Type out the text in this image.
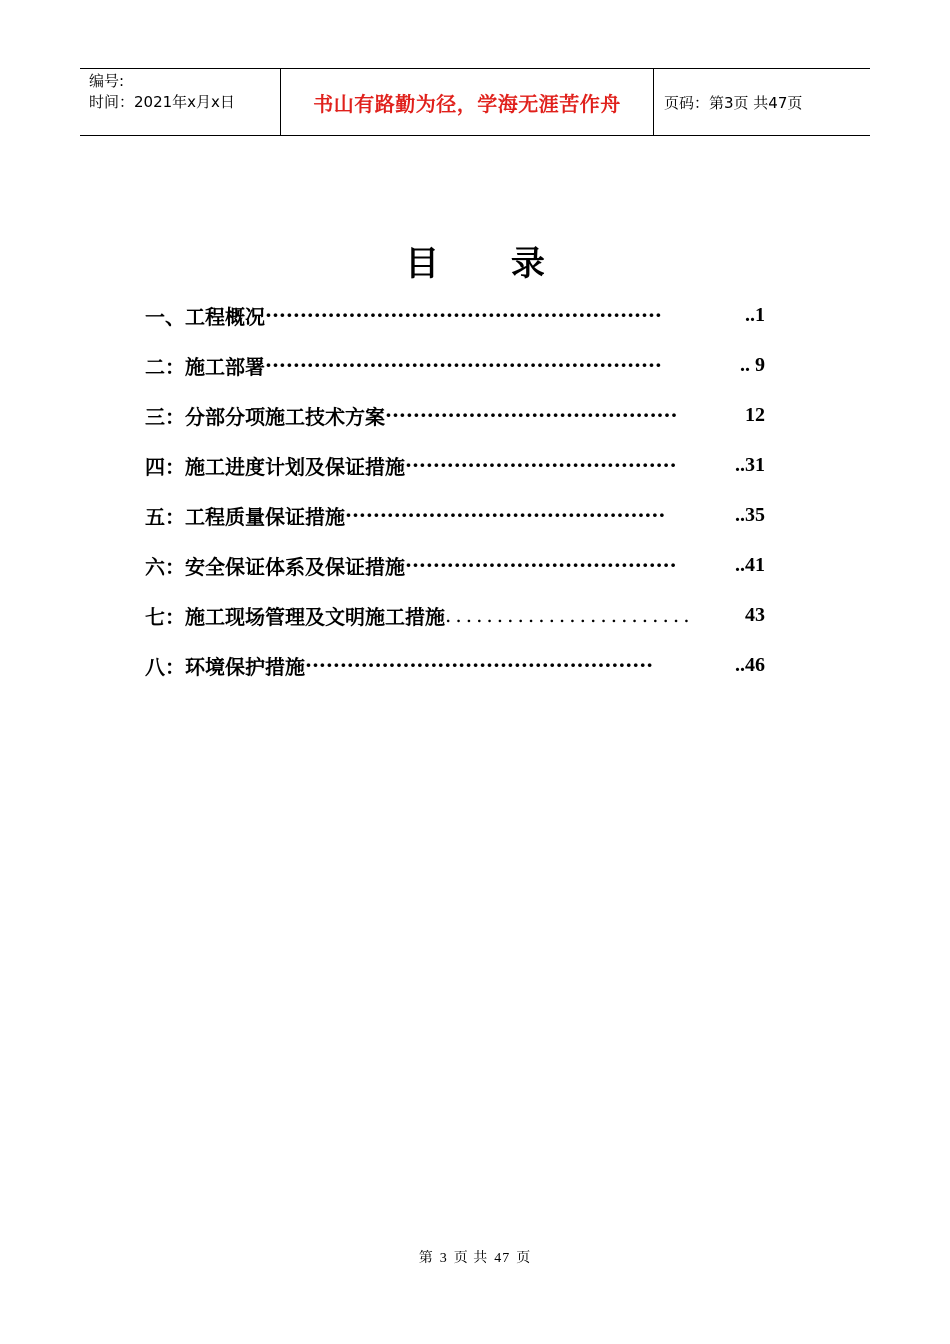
编号:
时间：2021年x月x日	书山有路勤为径，学海无涯苦作舟	页码：第3页 共47页
目 录
一、工程概况 ·························································	..1
二：施工部署 ·························································	.. 9
三：分部分项施工技术方案 ··········································	12
四：施工进度计划及保证措施 ·······································	..31
五：工程质量保证措施 ··············································	..35
六：安全保证体系及保证措施 ·······································	..41
七：施工现场管理及文明施工措施 ........................	43
八：环境保护措施 ··················································	..46
第 3 页 共 47 页
